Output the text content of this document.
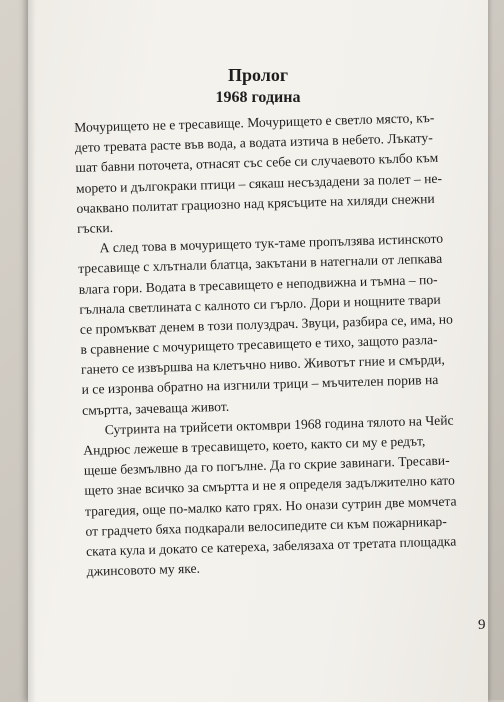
Пролог
1968 година
Мочурището не е тресавище. Мочурището е светло място, къ-
дето тревата расте във вода, а водата изтича в небето. Лъкату-
шат бавни поточета, отнасят със себе си случаевото кълбо към
морето и дългокраки птици – сякаш несъздадени за полет – не-
очаквано политат грациозно над крясъците на хиляди снежни
гъски.
А след това в мочурището тук-таме пропълзява истинското
тресавище с хлътнали блатца, закътани в натегнали от лепкава
влага гори. Водата в тресавището е неподвижна и тъмна – по-
гълнала светлината с калното си гърло. Дори и нощните твари
се промъкват денем в този полуздрач. Звуци, разбира се, има, но
в сравнение с мочурището тресавището е тихо, защото разла-
гането се извършва на клетъчно ниво. Животът гние и смърди,
и се изронва обратно на изгнили трици – мъчителен порив на
смъртта, зачеваща живот.
Сутринта на трийсети октомври 1968 година тялото на Чейс
Андрюс лежеше в тресавището, което, както си му е редът,
щеше безмълвно да го погълне. Да го скрие завинаги. Тресави-
щето знае всичко за смъртта и не я определя задължително като
трагедия, още по-малко като грях. Но онази сутрин две момчета
от градчето бяха подкарали велосипедите си към пожарникар-
ската кула и докато се катереха, забелязаха от третата площадка
джинсовото му яке.

9
